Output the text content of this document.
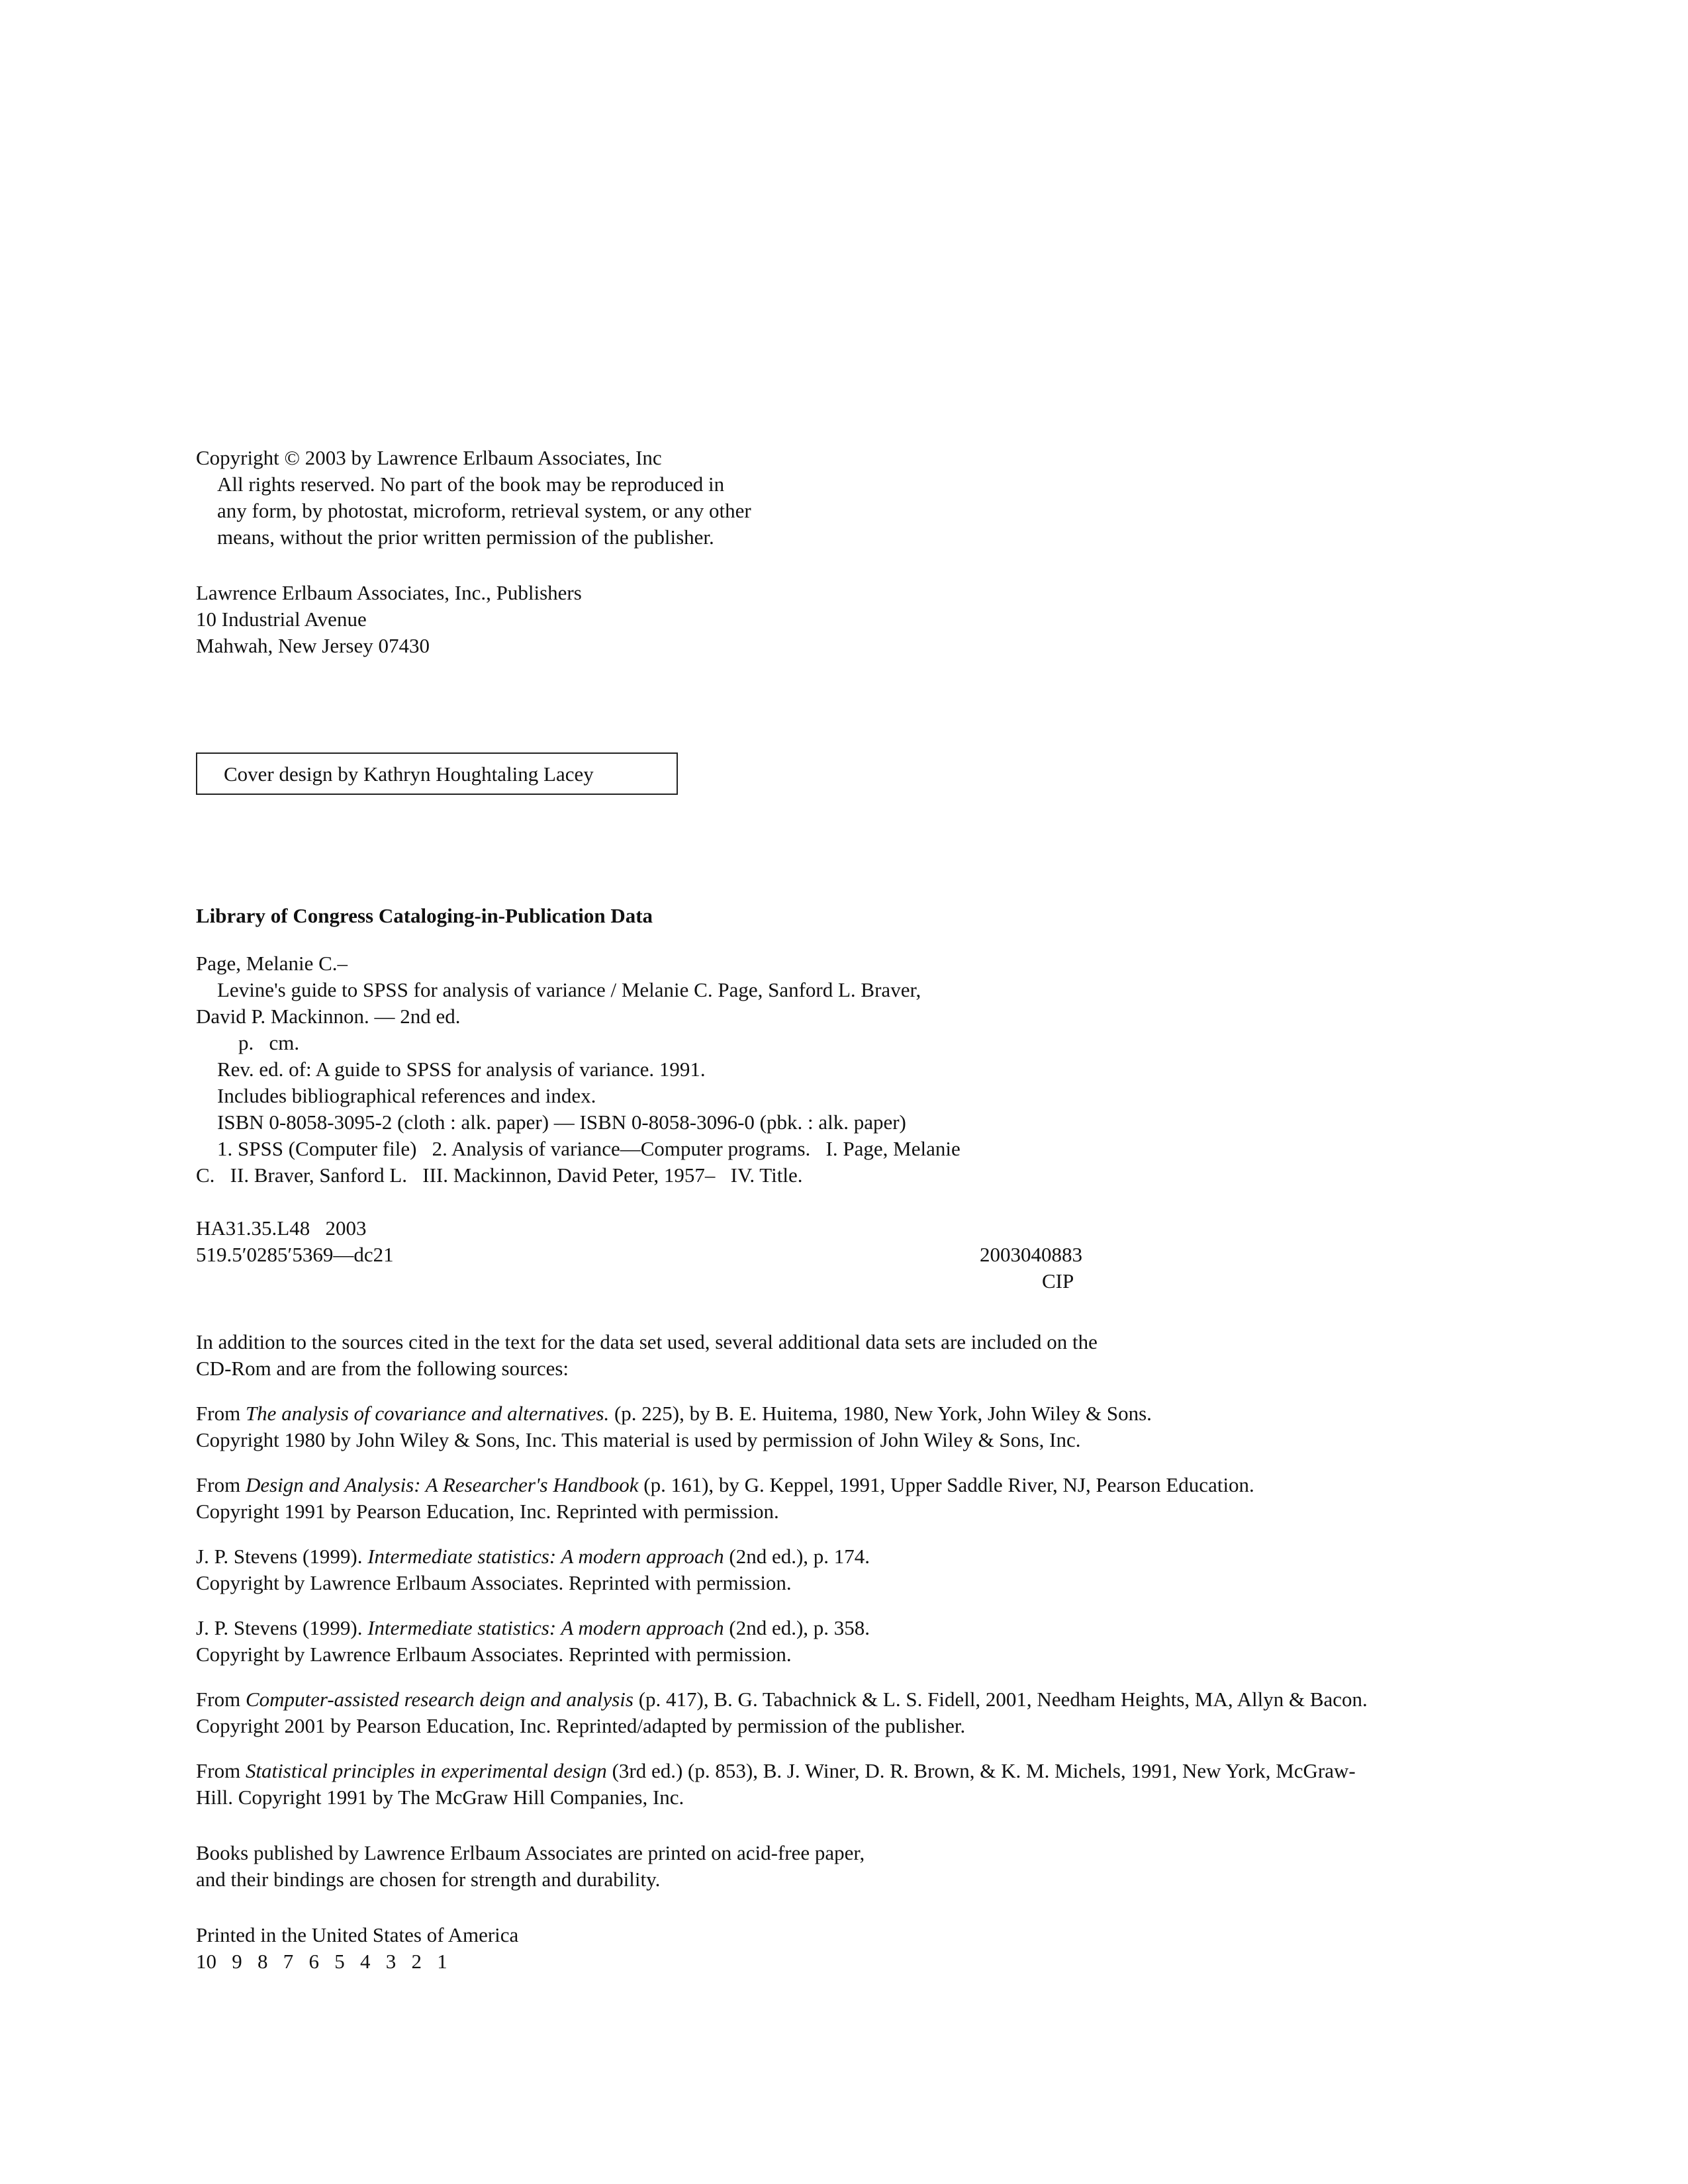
Copyright © 2003 by Lawrence Erlbaum Associates, Inc
All rights reserved. No part of the book may be reproduced in
any form, by photostat, microform, retrieval system, or any other
means, without the prior written permission of the publisher.
Lawrence Erlbaum Associates, Inc., Publishers
10 Industrial Avenue
Mahwah, New Jersey 07430
Cover design by Kathryn Houghtaling Lacey
Library of Congress Cataloging-in-Publication Data
Page, Melanie C.–
Levine's guide to SPSS for analysis of variance / Melanie C. Page, Sanford L. Braver,
David P. Mackinnon. — 2nd ed.
p.   cm.
Rev. ed. of: A guide to SPSS for analysis of variance. 1991.
Includes bibliographical references and index.
ISBN 0-8058-3095-2 (cloth : alk. paper) — ISBN 0-8058-3096-0 (pbk. : alk. paper)
1. SPSS (Computer file)   2. Analysis of variance—Computer programs.   I. Page, Melanie
C.   II. Braver, Sanford L.   III. Mackinnon, David Peter, 1957–   IV. Title.
HA31.35.L48   2003
519.5′0285′5369—dc21	2003040883
CIP
In addition to the sources cited in the text for the data set used, several additional data sets are included on the
CD-Rom and are from the following sources:
From The analysis of covariance and alternatives. (p. 225), by B. E. Huitema, 1980, New York, John Wiley & Sons.
Copyright 1980 by John Wiley & Sons, Inc. This material is used by permission of John Wiley & Sons, Inc.
From Design and Analysis: A Researcher's Handbook (p. 161), by G. Keppel, 1991, Upper Saddle River, NJ, Pearson Education.
Copyright 1991 by Pearson Education, Inc. Reprinted with permission.
J. P. Stevens (1999). Intermediate statistics: A modern approach (2nd ed.), p. 174.
Copyright by Lawrence Erlbaum Associates. Reprinted with permission.
J. P. Stevens (1999). Intermediate statistics: A modern approach (2nd ed.), p. 358.
Copyright by Lawrence Erlbaum Associates. Reprinted with permission.
From Computer-assisted research deign and analysis (p. 417), B. G. Tabachnick & L. S. Fidell, 2001, Needham Heights, MA, Allyn & Bacon.
Copyright 2001 by Pearson Education, Inc. Reprinted/adapted by permission of the publisher.
From Statistical principles in experimental design (3rd ed.) (p. 853), B. J. Winer, D. R. Brown, & K. M. Michels, 1991, New York, McGraw-
Hill. Copyright 1991 by The McGraw Hill Companies, Inc.
Books published by Lawrence Erlbaum Associates are printed on acid-free paper,
and their bindings are chosen for strength and durability.
Printed in the United States of America
10   9   8   7   6   5   4   3   2   1
